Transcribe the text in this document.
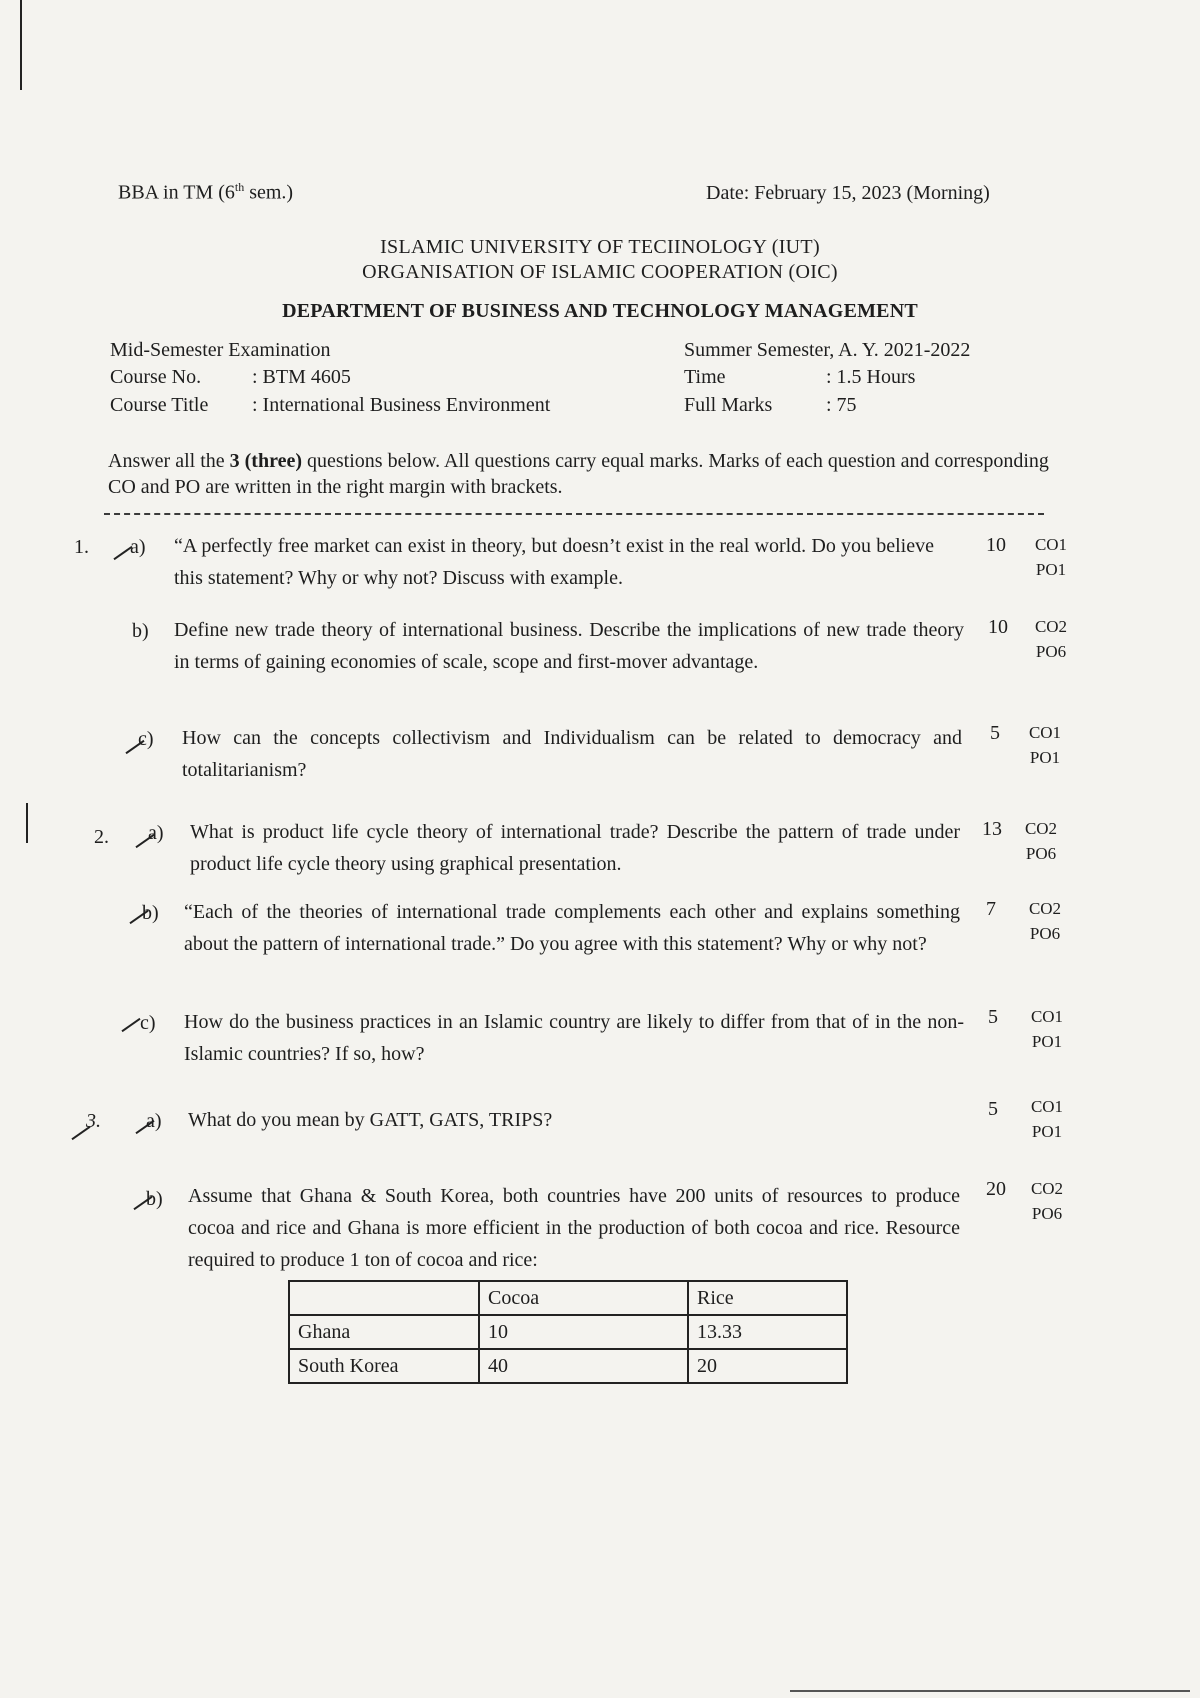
BBA in TM (6th sem.)	Date: February 15, 2023 (Morning)
ISLAMIC UNIVERSITY OF TECIINOLOGY (IUT)
ORGANISATION OF ISLAMIC COOPERATION (OIC)
DEPARTMENT OF BUSINESS AND TECHNOLOGY MANAGEMENT
Mid-Semester Examination
Course No.	: BTM 4605
Course Title : International Business Environment
Summer Semester, A. Y. 2021-2022
Time	: 1.5 Hours
Full Marks	: 75
Answer all the 3 (three) questions below. All questions carry equal marks. Marks of each question and corresponding CO and PO are written in the right margin with brackets.
1. a) “A perfectly free market can exist in theory, but doesn’t exist in the real world. Do you believe this statement? Why or why not? Discuss with example.
10	CO1
PO1
b) Define new trade theory of international business. Describe the implications of new trade theory in terms of gaining economies of scale, scope and first-mover advantage.
10	CO2
PO6
c) How can the concepts collectivism and Individualism can be related to democracy and totalitarianism?
5	CO1
PO1
2. a) What is product life cycle theory of international trade? Describe the pattern of trade under product life cycle theory using graphical presentation.
13	CO2
PO6
b) “Each of the theories of international trade complements each other and explains something about the pattern of international trade.” Do you agree with this statement? Why or why not?
7	CO2
PO6
c) How do the business practices in an Islamic country are likely to differ from that of in the non-Islamic countries? If so, how?
5	CO1
PO1
3. a) What do you mean by GATT, GATS, TRIPS?	5	CO1
PO1
b) Assume that Ghana & South Korea, both countries have 200 units of resources to produce cocoa and rice and Ghana is more efficient in the production of both cocoa and rice. Resource required to produce 1 ton of cocoa and rice:
20	CO2
PO6
	Cocoa	Rice
Ghana	10	13.33
South Korea	40	20
